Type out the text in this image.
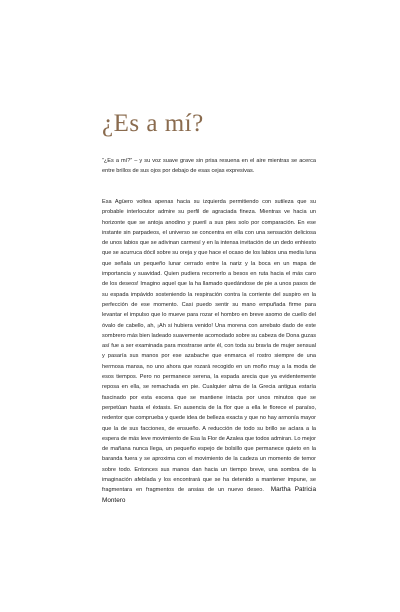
¿Es a mí?

“¿Es a mí?” – y su voz suave grave sin prisa resuena en el aire mientras se acerca entre brillos de sus ojos por debajo de esas cejas expresivas.

Esa Agüero voltea apenas hacia su izquierda permitiendo con sutileza que su probable interlocutor admire su perfil de agraciada fineza. Mientras ve hacia un horizonte que se antoja anodino y pueril a sus pies solo por comparación. En ese instante sin parpadeos, el universo se concentra en ella con una sensación deliciosa de unos labios que se adivinan carmesí y en la intensa invitación de un dedo enhiesto que se acurruca dócil sobre su oreja y que hace el ocaso de los labios una media luna que señala un pequeño lunar cerrado entre la nariz y la boca en un mapa de importancia y suavidad. Quien pudiera recorrerlo a besos en ruta hacia el más caro de los deseos! Imagino aquel que la ha llamado quedándose de pie a unos pasos de su espada impávido sosteniendo la respiración contra la corriente del suspiro en la perfección de ese momento. Casi puedo sentir su mano empuñada firme para levantar el impulso que lo mueve para rozar el hombro en breve asomo de cuello del óvalo de cabello, ah, ¡Ah si hubiera venido! Una morena con arrebato dado de este sombrero más bien ladeado suavemente acomodado sobre su cabeza de Dona guzas así fue a ser examinada para mostrarse ante él, con toda su bravía de mujer sensual y pasaría sus manos por ese azabache que enmarca el rostro siempre de una hermosa mansa, no uno ahora que rozará recogido en un moño muy a la moda de esos tiempos. Pero no permanece serena, la espada arecia que ya evidentemente reposa en ella, se remachada en pie. Cualquier alma de la Grecia antigua estaría fascinado por esta escena que se mantiene intacta por unos minutos que se perpetúan hasta el éxtasis. En ausencia de la flor que a ella le florece el paraíso, redentor que comprueba y quede idea de belleza exacta y que no hay armonía mayor que la de sus facciones, de ensueño. A reducción de todo su brillo se aclara a la espera de más leve movimiento de Esa la Flor de Azalea que todos admiran. Lo mejor de mañana nunca llega, un pequeño espejo de bolsillo que permanece quieto en la baranda fuera y se aproxima con el movimiento de la cadeza un momento de temor sobre todo. Entonces sus manos dan hacia un tiempo breve, una sombra de la imaginación afeblada y los encontrará que se ha detenido a mantener impune, se fragmentara en fragmentos de ansias de un nuevo deseo. Martha Patricia Montero
